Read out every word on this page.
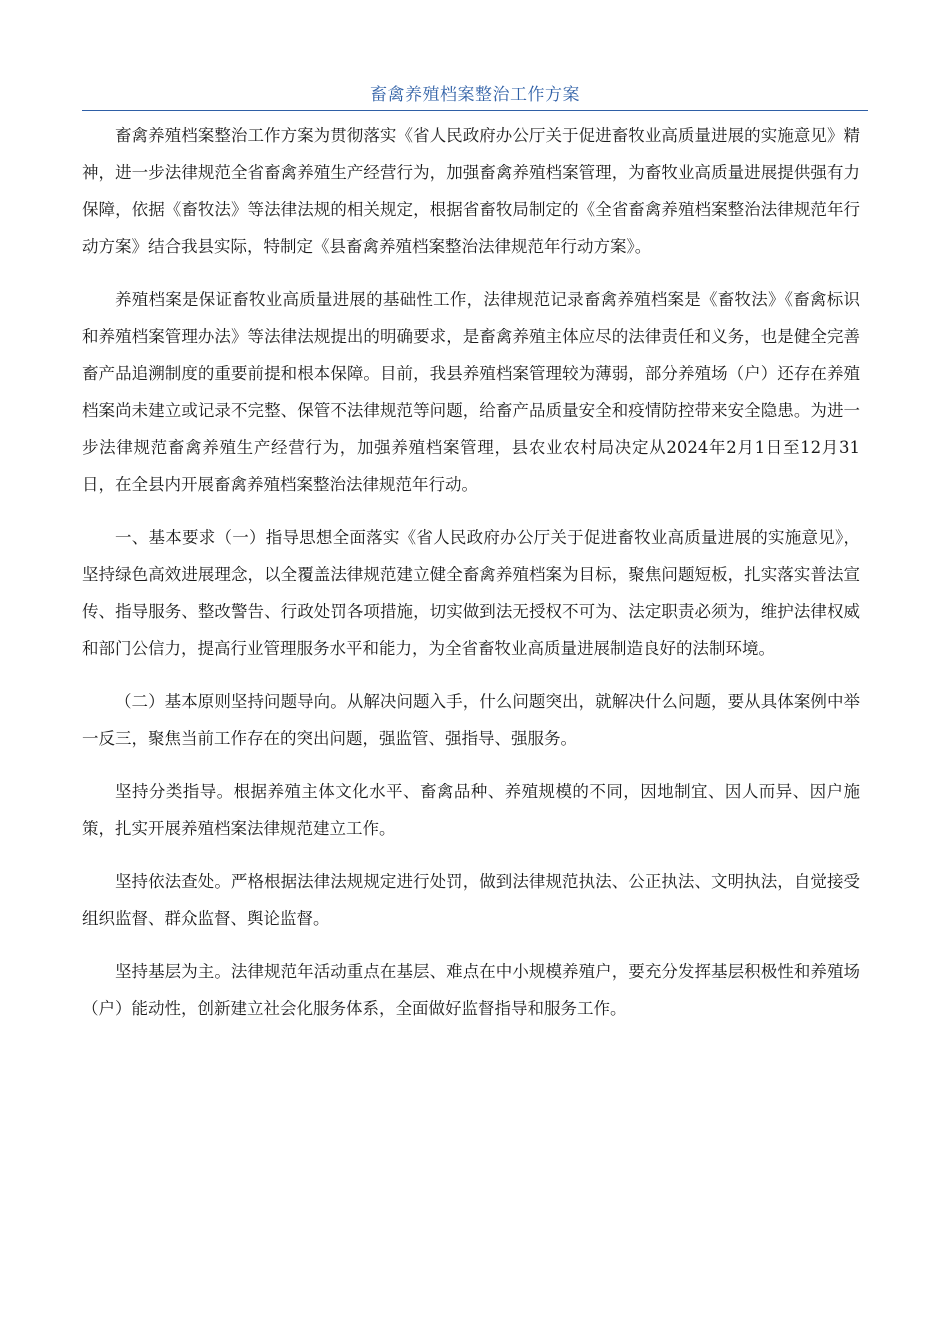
畜禽养殖档案整治工作方案

畜禽养殖档案整治工作方案为贯彻落实《省人民政府办公厅关于促进畜牧业高质量进展的实施意见》精神，进一步法律规范全省畜禽养殖生产经营行为，加强畜禽养殖档案管理，为畜牧业高质量进展提供强有力保障，依据《畜牧法》等法律法规的相关规定，根据省畜牧局制定的《全省畜禽养殖档案整治法律规范年行动方案》结合我县实际，特制定《县畜禽养殖档案整治法律规范年行动方案》。

养殖档案是保证畜牧业高质量进展的基础性工作，法律规范记录畜禽养殖档案是《畜牧法》《畜禽标识和养殖档案管理办法》等法律法规提出的明确要求，是畜禽养殖主体应尽的法律责任和义务，也是健全完善畜产品追溯制度的重要前提和根本保障。目前，我县养殖档案管理较为薄弱，部分养殖场（户）还存在养殖档案尚未建立或记录不完整、保管不法律规范等问题，给畜产品质量安全和疫情防控带来安全隐患。为进一步法律规范畜禽养殖生产经营行为，加强养殖档案管理，县农业农村局决定从2024年2月1日至12月31日，在全县内开展畜禽养殖档案整治法律规范年行动。

一、基本要求（一）指导思想全面落实《省人民政府办公厅关于促进畜牧业高质量进展的实施意见》，坚持绿色高效进展理念，以全覆盖法律规范建立健全畜禽养殖档案为目标，聚焦问题短板，扎实落实普法宣传、指导服务、整改警告、行政处罚各项措施，切实做到法无授权不可为、法定职责必须为，维护法律权威和部门公信力，提高行业管理服务水平和能力，为全省畜牧业高质量进展制造良好的法制环境。

（二）基本原则坚持问题导向。从解决问题入手，什么问题突出，就解决什么问题，要从具体案例中举一反三，聚焦当前工作存在的突出问题，强监管、强指导、强服务。

坚持分类指导。根据养殖主体文化水平、畜禽品种、养殖规模的不同，因地制宜、因人而异、因户施策，扎实开展养殖档案法律规范建立工作。

坚持依法查处。严格根据法律法规规定进行处罚，做到法律规范执法、公正执法、文明执法，自觉接受组织监督、群众监督、舆论监督。

坚持基层为主。法律规范年活动重点在基层、难点在中小规模养殖户，要充分发挥基层积极性和养殖场（户）能动性，创新建立社会化服务体系，全面做好监督指导和服务工作。
